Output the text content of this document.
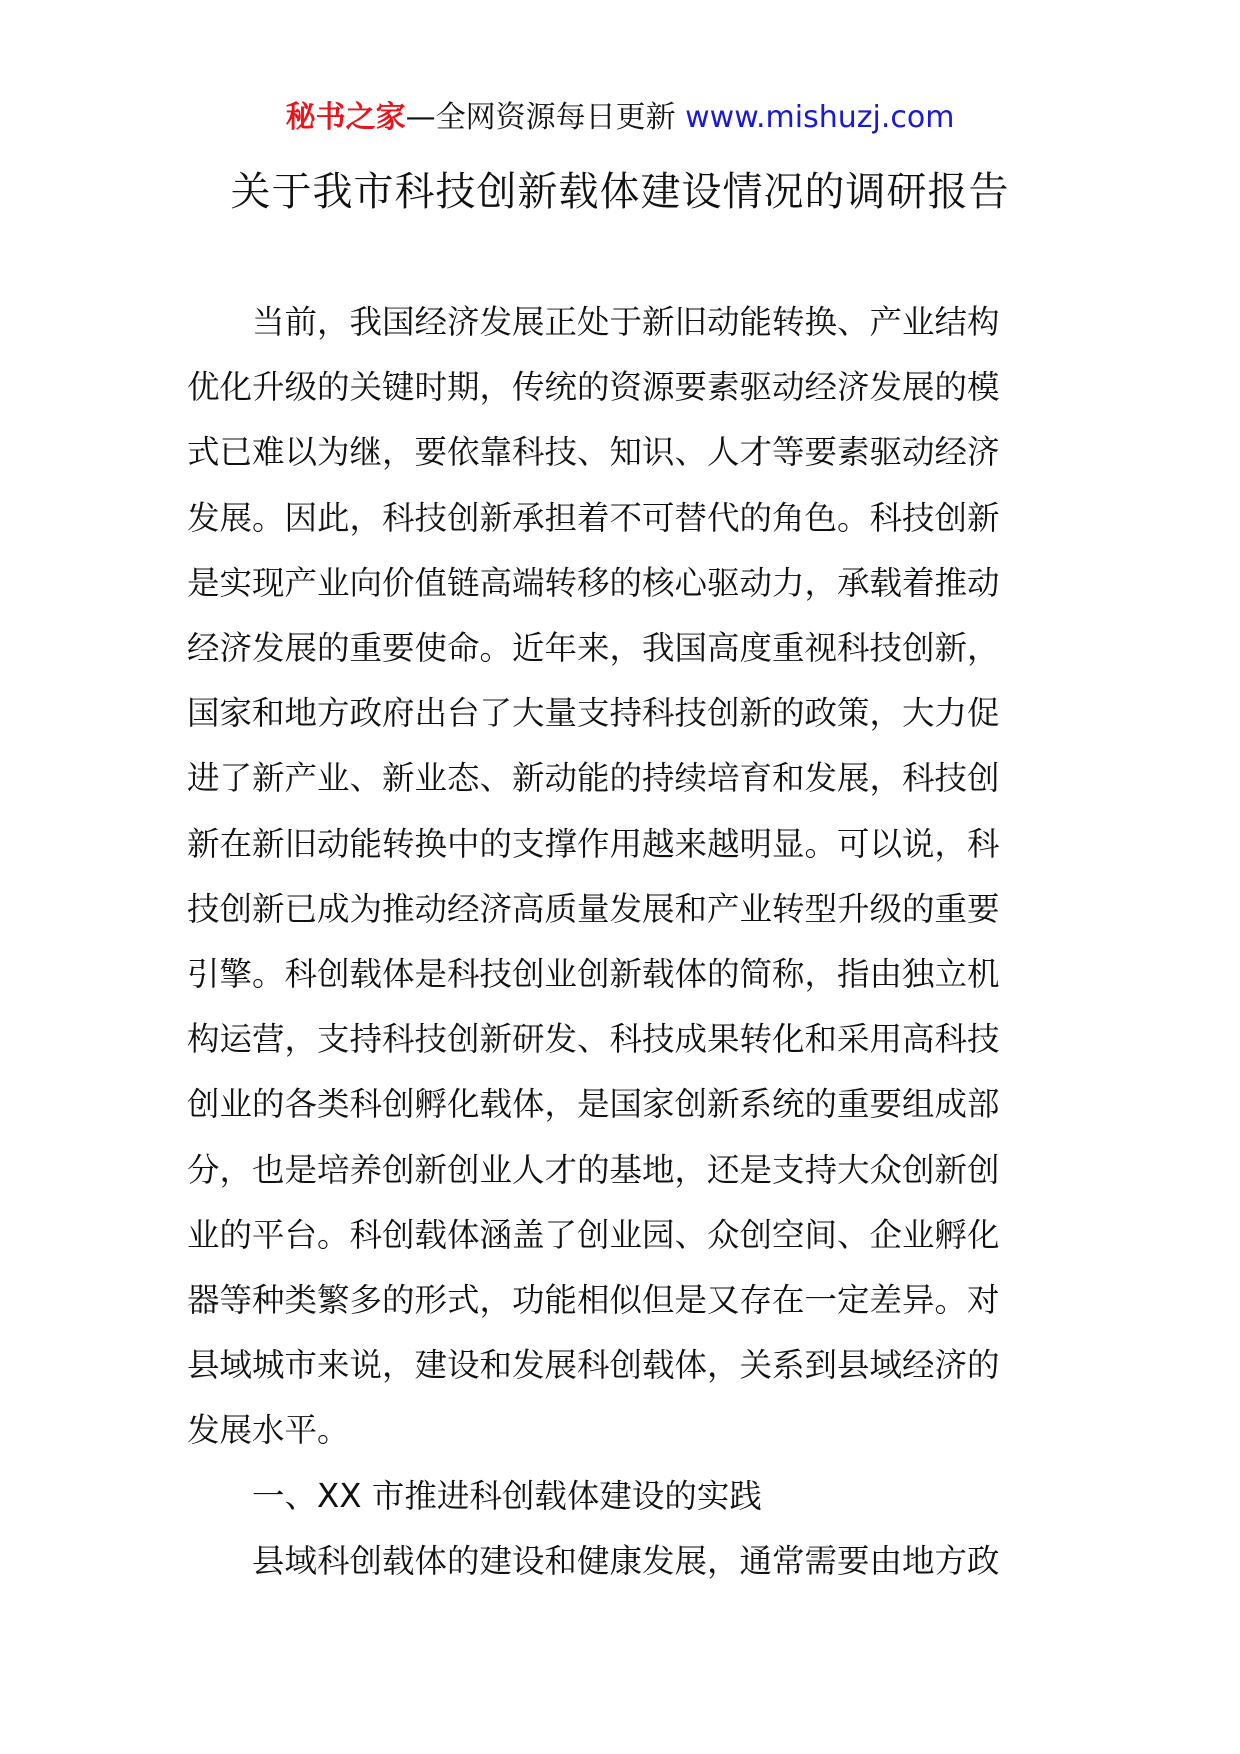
秘书之家—全网资源每日更新 www.mishuzj.com
关于我市科技创新载体建设情况的调研报告

当前，我国经济发展正处于新旧动能转换、产业结构
优化升级的关键时期，传统的资源要素驱动经济发展的模
式已难以为继，要依靠科技、知识、人才等要素驱动经济
发展。因此，科技创新承担着不可替代的角色。科技创新
是实现产业向价值链高端转移的核心驱动力，承载着推动
经济发展的重要使命。近年来，我国高度重视科技创新，
国家和地方政府出台了大量支持科技创新的政策，大力促
进了新产业、新业态、新动能的持续培育和发展，科技创
新在新旧动能转换中的支撑作用越来越明显。可以说，科
技创新已成为推动经济高质量发展和产业转型升级的重要
引擎。科创载体是科技创业创新载体的简称，指由独立机
构运营，支持科技创新研发、科技成果转化和采用高科技
创业的各类科创孵化载体，是国家创新系统的重要组成部
分，也是培养创新创业人才的基地，还是支持大众创新创
业的平台。科创载体涵盖了创业园、众创空间、企业孵化
器等种类繁多的形式，功能相似但是又存在一定差异。对
县域城市来说，建设和发展科创载体，关系到县域经济的
发展水平。

一、XX 市推进科创载体建设的实践

县域科创载体的建设和健康发展，通常需要由地方政
